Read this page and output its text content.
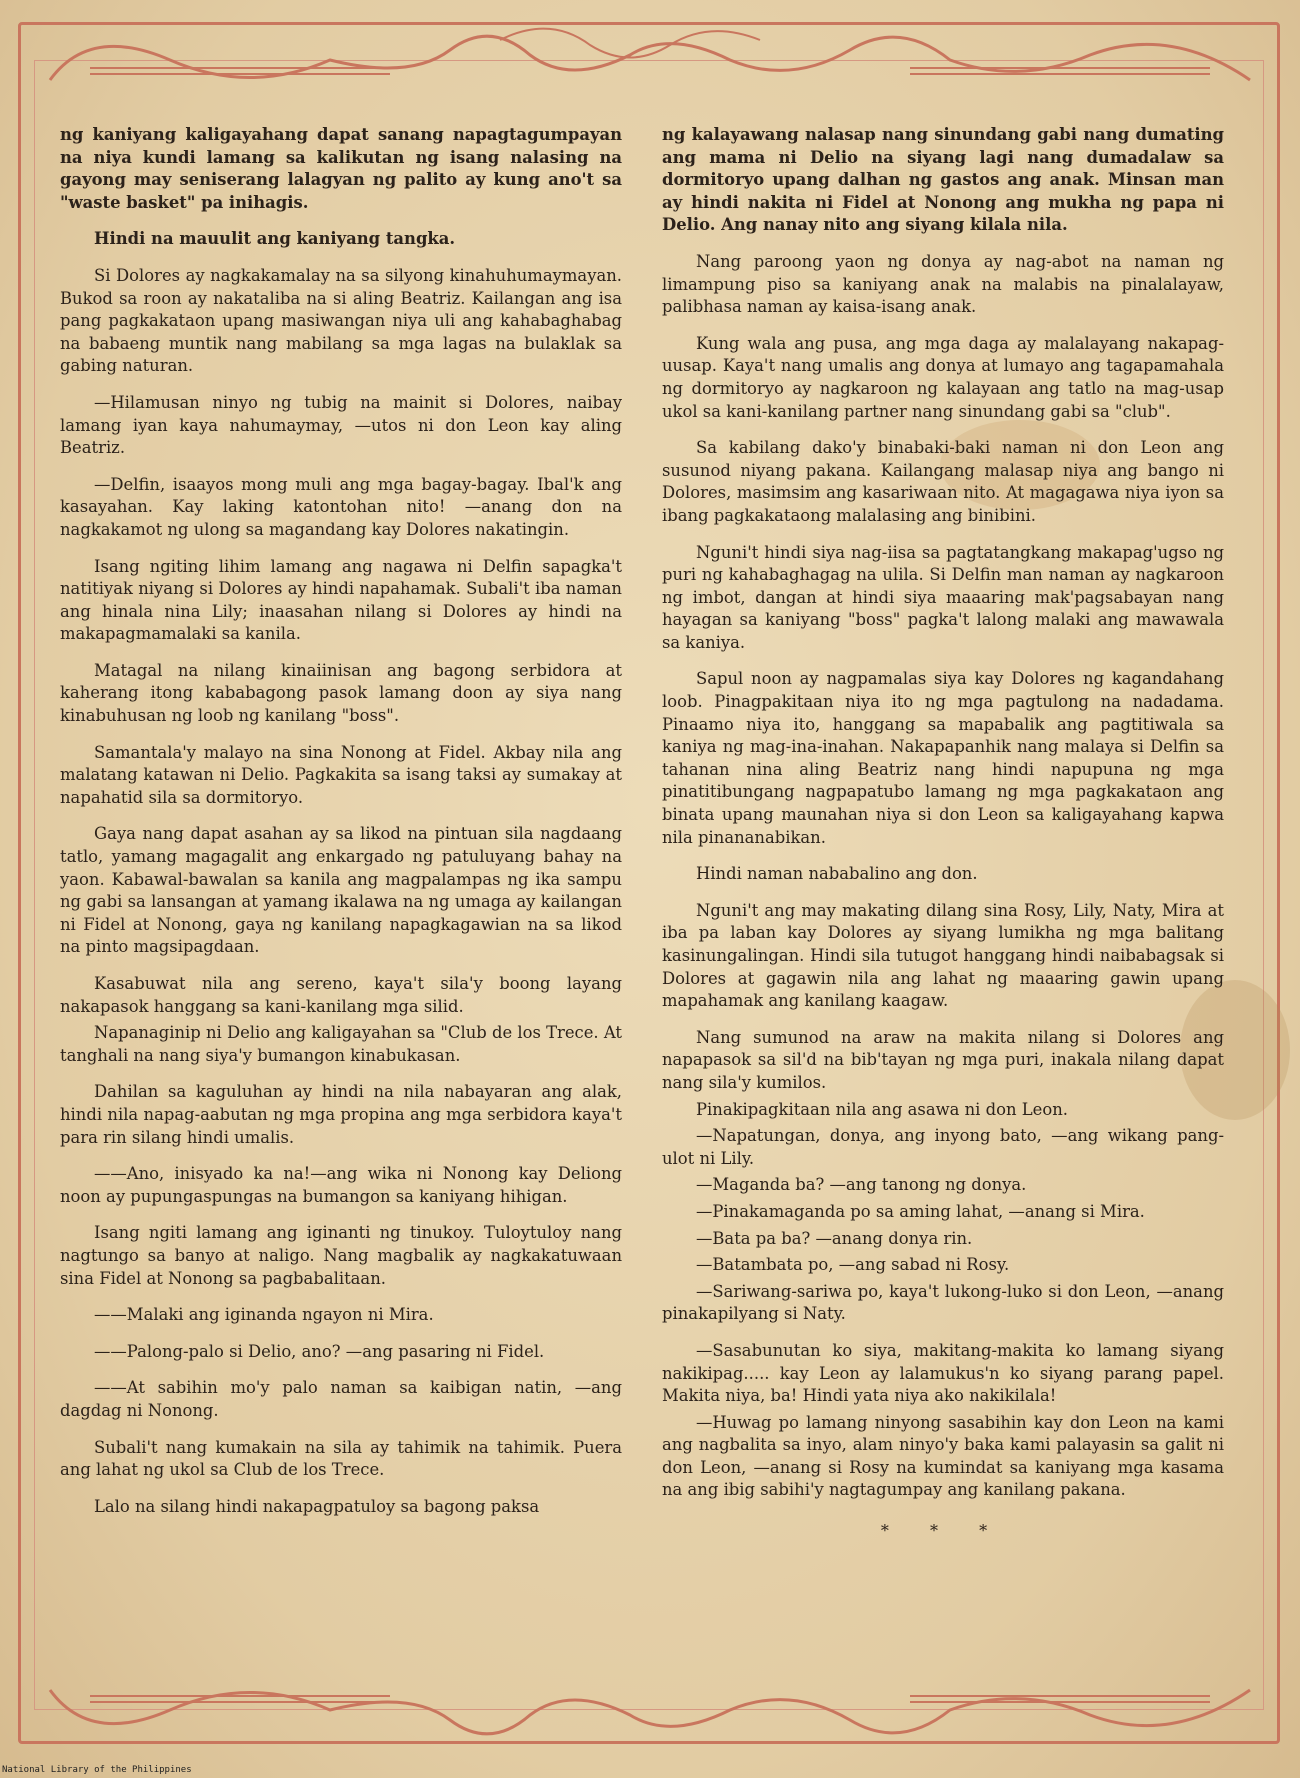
ng kaniyang kaligayahang dapat sanang napagtagumpayan na niya kundi lamang sa kalikutan ng isang nalasing na gayong may seniserang lalagyan ng palito ay kung ano't sa "waste basket" pa inihagis.

Hindi na mauulit ang kaniyang tangka.

Si Dolores ay nagkakamalay na sa silyong kinahuhumaymayan. Bukod sa roon ay nakataliba na si aling Beatriz. Kailangan ang isa pang pagkakataon upang masiwangan niya uli ang kahabaghabag na babaeng muntik nang mabilang sa mga lagas na bulaklak sa gabing naturan.

—Hilamusan ninyo ng tubig na mainit si Dolores, naibay lamang iyan kaya nahumaymay, —utos ni don Leon kay aling Beatriz.

—Delfin, isaayos mong muli ang mga bagay-bagay. Ibal'k ang kasayahan. Kay laking katontohan nito! —anang don na nagkakamot ng ulong sa magandang kay Dolores nakatingin.

Isang ngiting lihim lamang ang nagawa ni Delfin sapagka't natitiyak niyang si Dolores ay hindi napahamak. Subali't iba naman ang hinala nina Lily; inaasahan nilang si Dolores ay hindi na makapagmamalaki sa kanila.

Matagal na nilang kinaiinisan ang bagong serbidora at kaherang itong kababagong pasok lamang doon ay siya nang kinabuhusan ng loob ng kanilang "boss".

Samantala'y malayo na sina Nonong at Fidel. Akbay nila ang malatang katawan ni Delio. Pagkakita sa isang taksi ay sumakay at napahatid sila sa dormitoryo.

Gaya nang dapat asahan ay sa likod na pintuan sila nagdaang tatlo, yamang magagalit ang enkargado ng patuluyang bahay na yaon. Kabawal-bawalan sa kanila ang magpalampas ng ika sampu ng gabi sa lansangan at yamang ikalawa na ng umaga ay kailangan ni Fidel at Nonong, gaya ng kanilang napagkagawian na sa likod na pinto magsipagdaan.

Kasabuwat nila ang sereno, kaya't sila'y boong layang nakapasok hanggang sa kani-kanilang mga silid.

Napanaginip ni Delio ang kaligayahan sa "Club de los Trece. At tanghali na nang siya'y bumangon kinabukasan.

Dahilan sa kaguluhan ay hindi na nila nabayaran ang alak, hindi nila napag-aabutan ng mga propina ang mga serbidora kaya't para rin silang hindi umalis.

——Ano, inisyado ka na!—ang wika ni Nonong kay Deliong noon ay pupungaspungas na bumangon sa kaniyang hihigan.

Isang ngiti lamang ang iginanti ng tinukoy. Tuloytuloy nang nagtungo sa banyo at naligo. Nang magbalik ay nagkakatuwaan sina Fidel at Nonong sa pagbabalitaan.

——Malaki ang iginanda ngayon ni Mira.

——Palong-palo si Delio, ano? —ang pasaring ni Fidel.

——At sabihin mo'y palo naman sa kaibigan natin, —ang dagdag ni Nonong.

Subali't nang kumakain na sila ay tahimik na tahimik. Puera ang lahat ng ukol sa Club de los Trece.

Lalo na silang hindi nakapagpatuloy sa bagong paksa

ng kalayawang nalasap nang sinundang gabi nang dumating ang mama ni Delio na siyang lagi nang dumadalaw sa dormitoryo upang dalhan ng gastos ang anak. Minsan man ay hindi nakita ni Fidel at Nonong ang mukha ng papa ni Delio. Ang nanay nito ang siyang kilala nila.

Nang paroong yaon ng donya ay nag-abot na naman ng limampung piso sa kaniyang anak na malabis na pinalalayaw, palibhasa naman ay kaisa-isang anak.

Kung wala ang pusa, ang mga daga ay malalayang nakapag-uusap. Kaya't nang umalis ang donya at lumayo ang tagapamahala ng dormitoryo ay nagkaroon ng kalayaan ang tatlo na mag-usap ukol sa kani-kanilang partner nang sinundang gabi sa "club".

Sa kabilang dako'y binabaki-baki naman ni don Leon ang susunod niyang pakana. Kailangang malasap niya ang bango ni Dolores, masimsim ang kasariwaan nito. At magagawa niya iyon sa ibang pagkakataong malalasing ang binibini.

Nguni't hindi siya nag-iisa sa pagtatangkang makapag'ugso ng puri ng kahabaghagag na ulila. Si Delfin man naman ay nagkaroon ng imbot, dangan at hindi siya maaaring mak'pagsabayan nang hayagan sa kaniyang "boss" pagka't lalong malaki ang mawawala sa kaniya.

Sapul noon ay nagpamalas siya kay Dolores ng kagandahang loob. Pinagpakitaan niya ito ng mga pagtulong na nadadama. Pinaamo niya ito, hanggang sa mapabalik ang pagtitiwala sa kaniya ng mag-ina-inahan. Nakapapanhik nang malaya si Delfin sa tahanan nina aling Beatriz nang hindi napupuna ng mga pinatitibungang nagpapatubo lamang ng mga pagkakataon ang binata upang maunahan niya si don Leon sa kaligayahang kapwa nila pinananabikan.

Hindi naman nababalino ang don.

Nguni't ang may makating dilang sina Rosy, Lily, Naty, Mira at iba pa laban kay Dolores ay siyang lumikha ng mga balitang kasinungalingan. Hindi sila tutugot hanggang hindi naibabagsak si Dolores at gagawin nila ang lahat ng maaaring gawin upang mapahamak ang kanilang kaagaw.

Nang sumunod na araw na makita nilang si Dolores ang napapasok sa sil'd na bib'tayan ng mga puri, inakala nilang dapat nang sila'y kumilos.

Pinakipagkitaan nila ang asawa ni don Leon.

—Napatungan, donya, ang inyong bato, —ang wikang pang-ulot ni Lily.

—Maganda ba? —ang tanong ng donya.

—Pinakamaganda po sa aming lahat, —anang si Mira.

—Bata pa ba? —anang donya rin.

—Batambata po, —ang sabad ni Rosy.

—Sariwang-sariwa po, kaya't lukong-luko si don Leon, —anang pinakapilyang si Naty.

—Sasabunutan ko siya, makitang-makita ko lamang siyang nakikipag..... kay Leon ay lalamukus'n ko siyang parang papel. Makita niya, ba! Hindi yata niya ako nakikilala!

—Huwag po lamang ninyong sasabihin kay don Leon na kami ang nagbalita sa inyo, alam ninyo'y baka kami palayasin sa galit ni don Leon, —anang si Rosy na kumindat sa kaniyang mga kasama na ang ibig sabihi'y nagtagumpay ang kanilang pakana.

* * *
National Library of the Philippines
